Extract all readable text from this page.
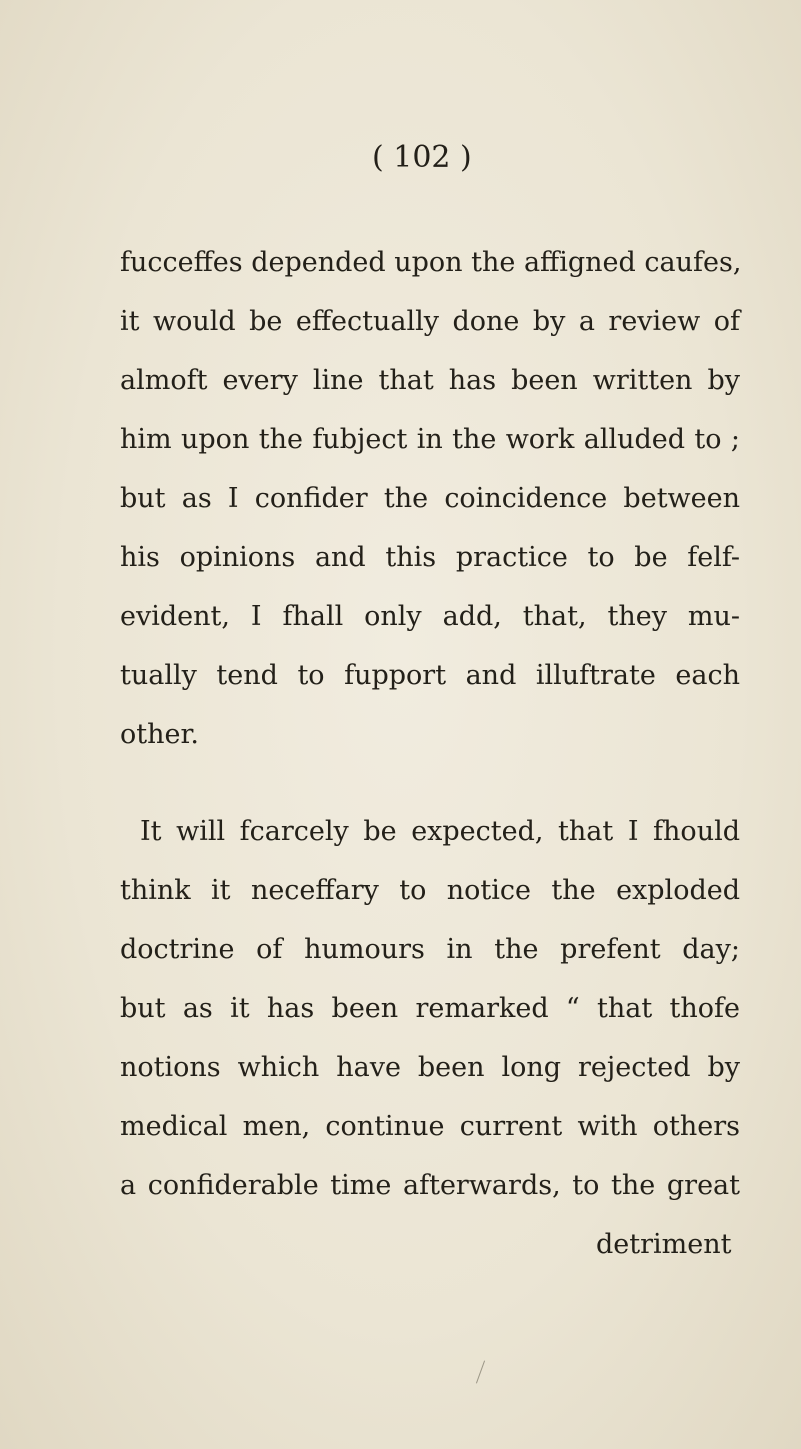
( 102 )
fucceffes depended upon the affigned caufes,
it would be effectually done by a review of
almoft every line that has been written by
him upon the fubject in the work alluded to ;
but as I confider the coincidence between
his opinions and this practice to be felf-
evident, I fhall only add, that, they mu-
tually tend to fupport and illuftrate each
other.
It will fcarcely be expected, that I fhould
think it neceffary to notice the exploded
doctrine of humours in the prefent day;
but as it has been remarked “ that thofe
notions which have been long rejected by
medical men, continue current with others
a confiderable time afterwards, to the great
detriment
